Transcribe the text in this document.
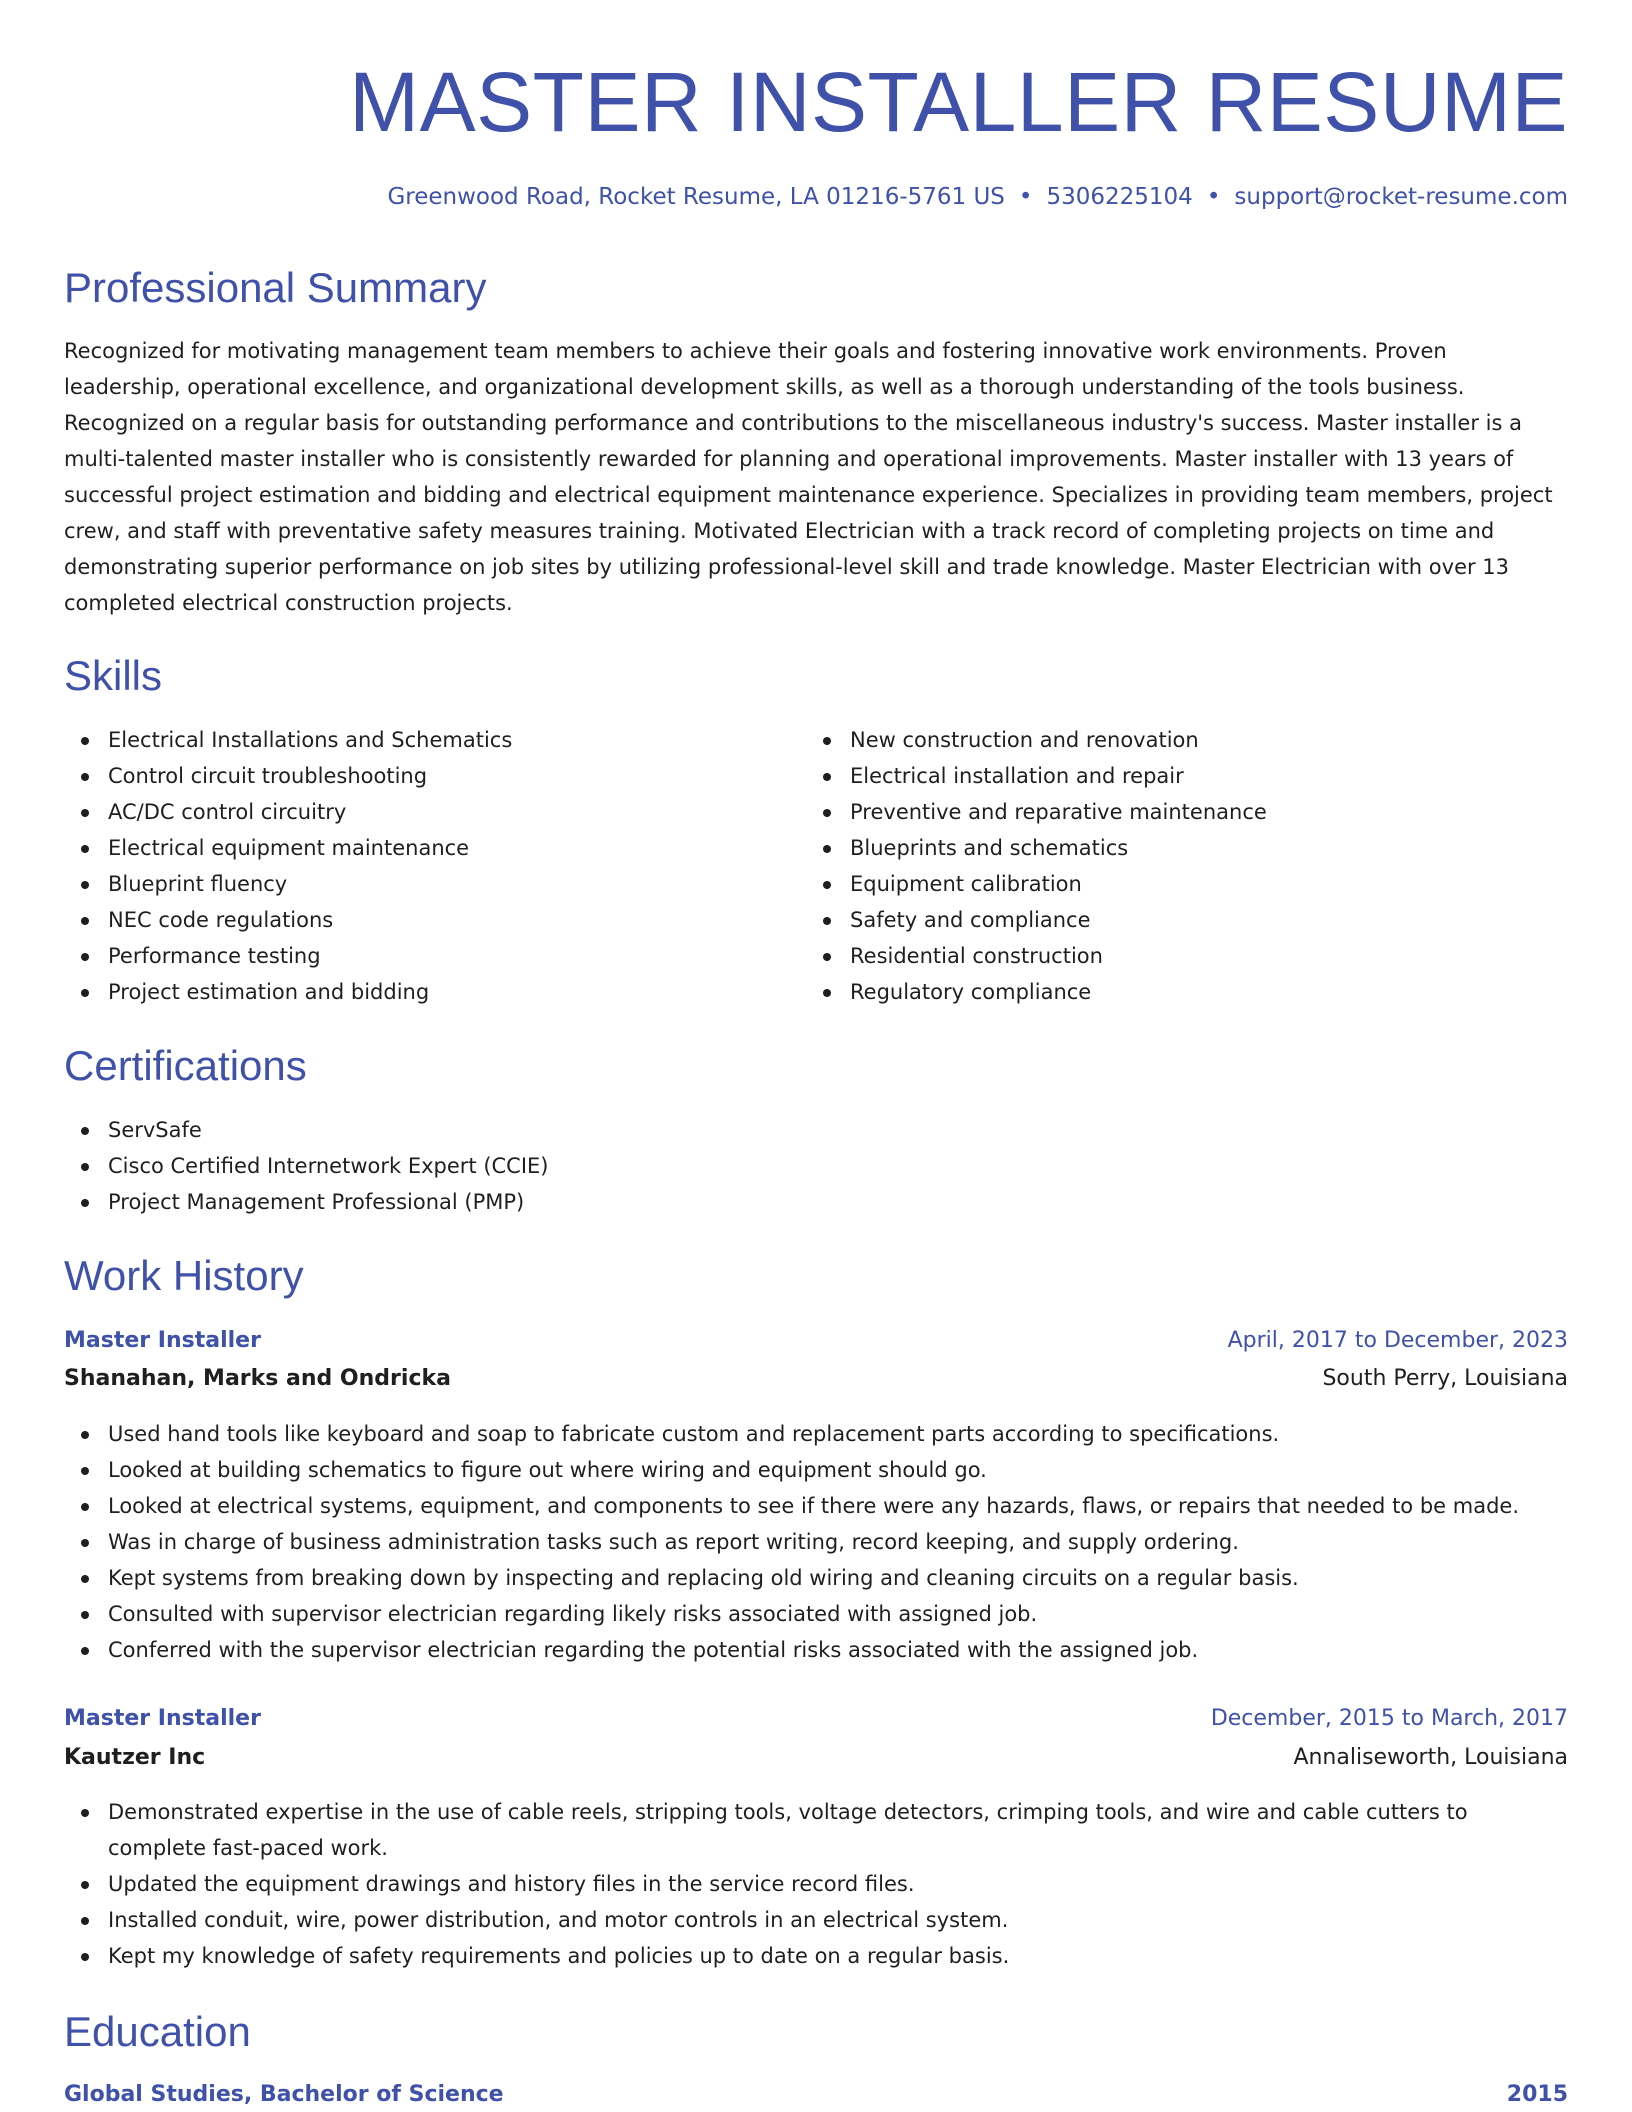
MASTER INSTALLER RESUME
Greenwood Road, Rocket Resume, LA 01216-5761 US • 5306225104 • support@rocket-resume.com
Professional Summary

Recognized for motivating management team members to achieve their goals and fostering innovative work environments. Proven leadership, operational excellence, and organizational development skills, as well as a thorough understanding of the tools business. Recognized on a regular basis for outstanding performance and contributions to the miscellaneous industry's success. Master installer is a multi-talented master installer who is consistently rewarded for planning and operational improvements. Master installer with 13 years of successful project estimation and bidding and electrical equipment maintenance experience. Specializes in providing team members, project crew, and staff with preventative safety measures training. Motivated Electrician with a track record of completing projects on time and demonstrating superior performance on job sites by utilizing professional-level skill and trade knowledge. Master Electrician with over 13 completed electrical construction projects.

Skills
Electrical Installations and Schematics
Control circuit troubleshooting
AC/DC control circuitry
Electrical equipment maintenance
Blueprint fluency
NEC code regulations
Performance testing
Project estimation and bidding
New construction and renovation
Electrical installation and repair
Preventive and reparative maintenance
Blueprints and schematics
Equipment calibration
Safety and compliance
Residential construction
Regulatory compliance
Certifications
ServSafe
Cisco Certified Internetwork Expert (CCIE)
Project Management Professional (PMP)
Work History
Master Installer	April, 2017 to December, 2023
Shanahan, Marks and Ondricka	South Perry, Louisiana
Used hand tools like keyboard and soap to fabricate custom and replacement parts according to specifications.
Looked at building schematics to figure out where wiring and equipment should go.
Looked at electrical systems, equipment, and components to see if there were any hazards, flaws, or repairs that needed to be made.
Was in charge of business administration tasks such as report writing, record keeping, and supply ordering.
Kept systems from breaking down by inspecting and replacing old wiring and cleaning circuits on a regular basis.
Consulted with supervisor electrician regarding likely risks associated with assigned job.
Conferred with the supervisor electrician regarding the potential risks associated with the assigned job.
Master Installer	December, 2015 to March, 2017
Kautzer Inc	Annaliseworth, Louisiana
Demonstrated expertise in the use of cable reels, stripping tools, voltage detectors, crimping tools, and wire and cable cutters to complete fast-paced work.
Updated the equipment drawings and history files in the service record files.
Installed conduit, wire, power distribution, and motor controls in an electrical system.
Kept my knowledge of safety requirements and policies up to date on a regular basis.
Education
Global Studies, Bachelor of Science	2015
